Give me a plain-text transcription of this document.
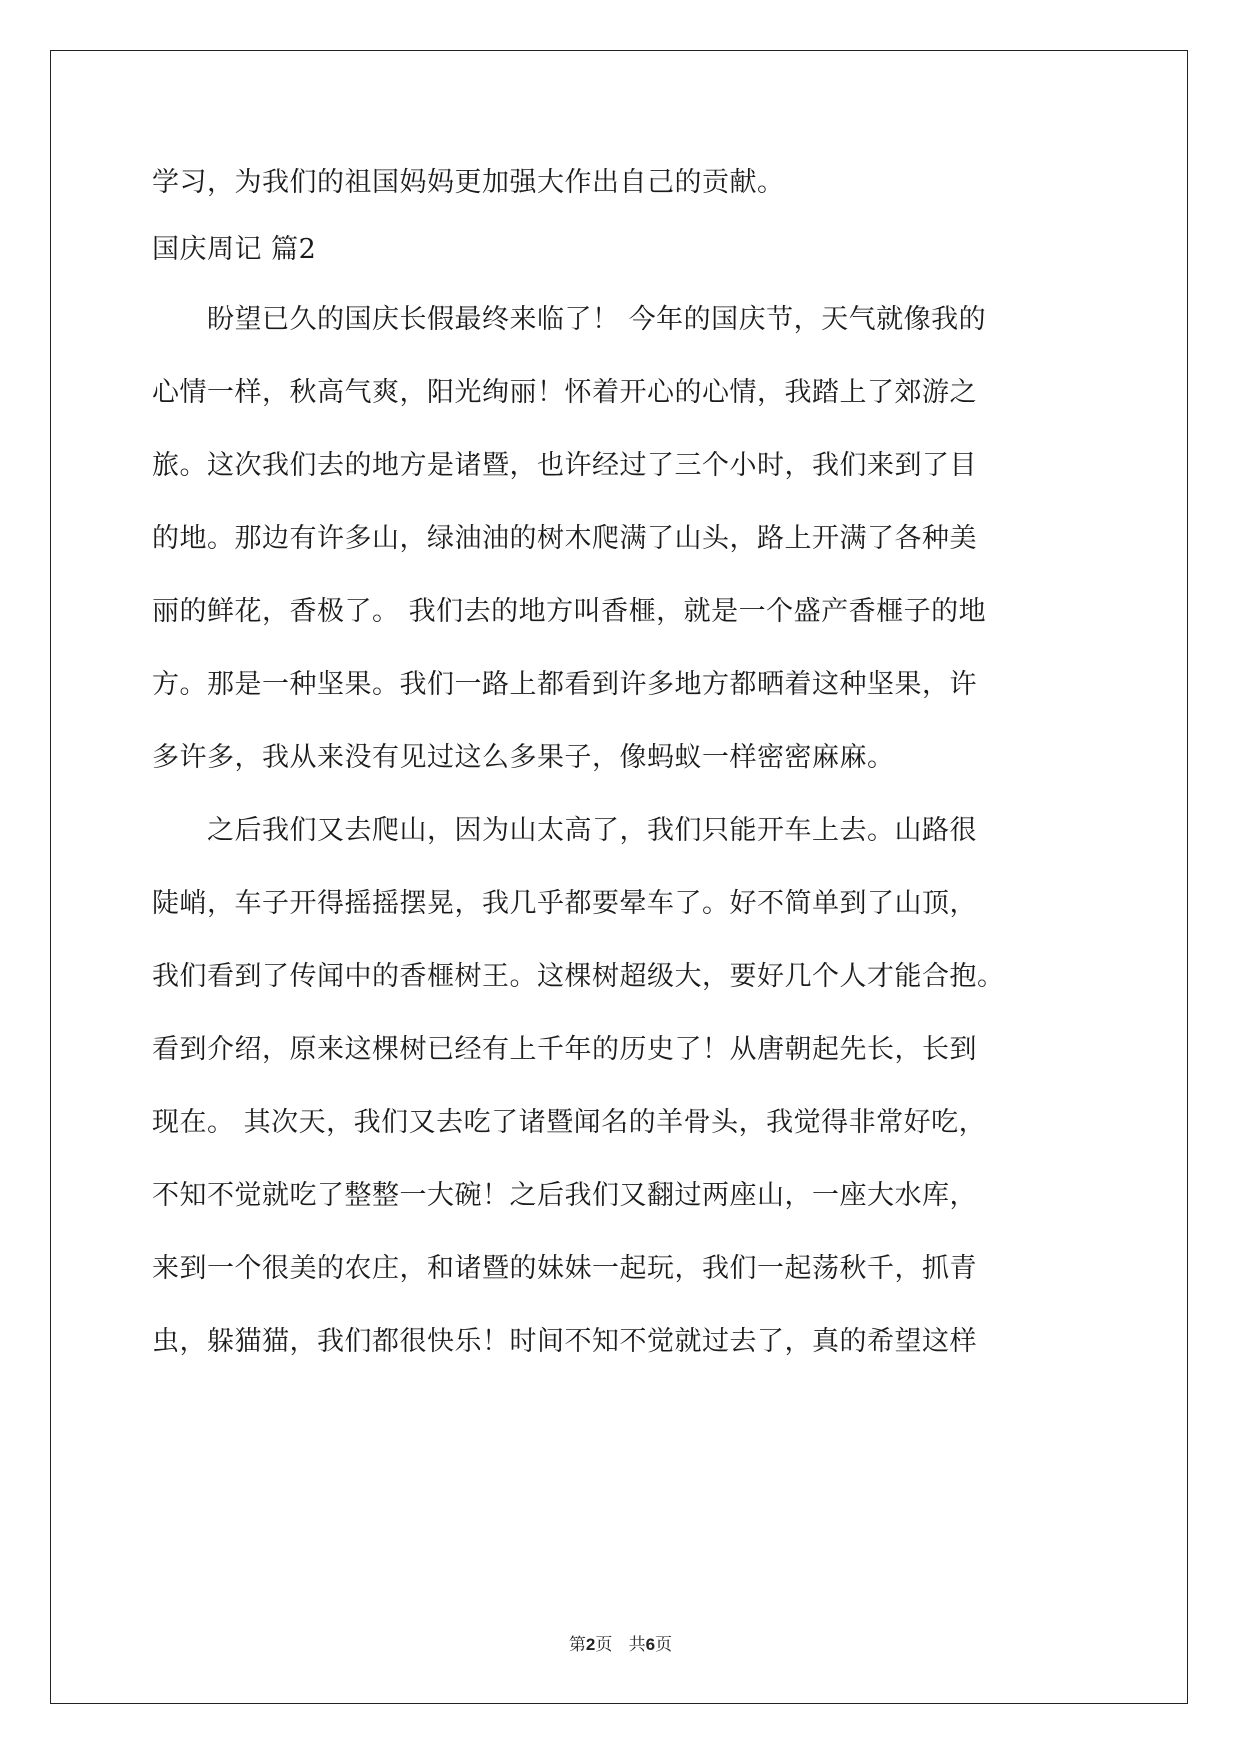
学习，为我们的祖国妈妈更加强大作出自己的贡献。
国庆周记 篇2
　　盼望已久的国庆长假最终来临了！ 今年的国庆节，天气就像我的
心情一样，秋高气爽，阳光绚丽！怀着开心的心情，我踏上了郊游之
旅。这次我们去的地方是诸暨，也许经过了三个小时，我们来到了目
的地。那边有许多山，绿油油的树木爬满了山头，路上开满了各种美
丽的鲜花，香极了。 我们去的地方叫香榧，就是一个盛产香榧子的地
方。那是一种坚果。我们一路上都看到许多地方都晒着这种坚果，许
多许多，我从来没有见过这么多果子，像蚂蚁一样密密麻麻。
　　之后我们又去爬山，因为山太高了，我们只能开车上去。山路很
陡峭，车子开得摇摇摆晃，我几乎都要晕车了。好不简单到了山顶，
我们看到了传闻中的香榧树王。这棵树超级大，要好几个人才能合抱。
看到介绍，原来这棵树已经有上千年的历史了！从唐朝起先长，长到
现在。 其次天，我们又去吃了诸暨闻名的羊骨头，我觉得非常好吃，
不知不觉就吃了整整一大碗！之后我们又翻过两座山，一座大水库，
来到一个很美的农庄，和诸暨的妹妹一起玩，我们一起荡秋千，抓青
虫，躲猫猫，我们都很快乐！时间不知不觉就过去了，真的希望这样
第2页 共6页
